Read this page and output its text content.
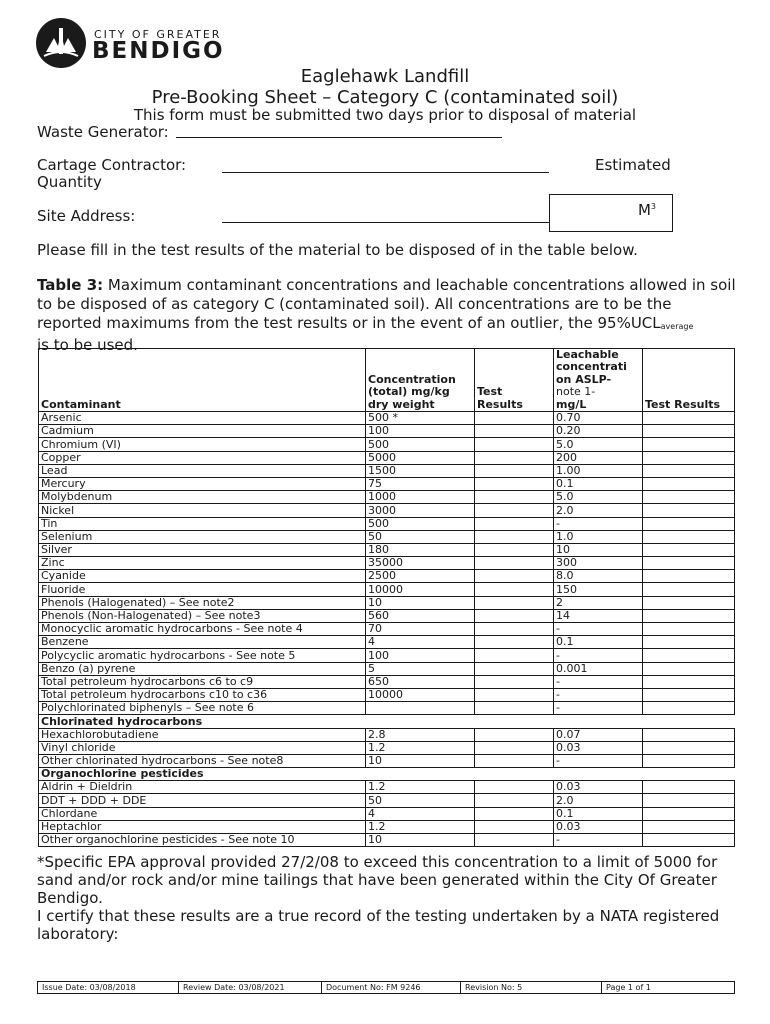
CITY OF GREATER
BENDIGO
Eaglehawk Landfill
Pre-Booking Sheet – Category C (contaminated soil)
This form must be submitted two days prior to disposal of material
Waste Generator:
Cartage Contractor:
Quantity
Estimated
Site Address:	$M^3$
Please fill in the test results of the material to be disposed of in the table below.
Table 3: Maximum contaminant concentrations and leachable concentrations allowed in soil to be disposed of as category C (contaminated soil). All concentrations are to be the reported maximums from the test results or in the event of an outlier, the $95\%UCL_{average}$
is to be used.
Contaminant	Concentration (total) mg/kg dry weight	Test Results	Leachable concentrati on ASLP-
note 1-
mg/L	Test Results
Arsenic	500 *		0.70	
Cadmium	100		0.20	
Chromium (VI)	500		5.0	
Copper	5000		200	
Lead	1500		1.00	
Mercury	75		0.1	
Molybdenum	1000		5.0	
Nickel	3000		2.0	
Tin	500		-	
Selenium	50		1.0	
Silver	180		10	
Zinc	35000		300	
Cyanide	2500		8.0	
Fluoride	10000		150	
Phenols (Halogenated) – See note2	10		2	
Phenols (Non-Halogenated) – See note3	560		14	
Monocyclic aromatic hydrocarbons - See note 4	70		-	
Benzene	4		0.1	
Polycyclic aromatic hydrocarbons - See note 5	100		-	
Benzo (a) pyrene	5		0.001	
Total petroleum hydrocarbons c6 to c9	650		-	
Total petroleum hydrocarbons c10 to c36	10000		-	
Polychlorinated biphenyls – See note 6			-	
Chlorinated hydrocarbons				
Hexachlorobutadiene	2.8		0.07	
Vinyl chloride	1.2		0.03	
Other chlorinated hydrocarbons - See note8	10		-	
Organochlorine pesticides				
Aldrin + Dieldrin	1.2		0.03	
DDT + DDD + DDE	50		2.0	
Chlordane	4		0.1	
Heptachlor	1.2		0.03	
Other organochlorine pesticides - See note 10	10		-	
*Specific EPA approval provided 27/2/08 to exceed this concentration to a limit of 5000 for sand and/or rock and/or mine tailings that have been generated within the City Of Greater Bendigo.
I certify that these results are a true record of the testing undertaken by a NATA registered laboratory:
Issue Date: 03/08/2018	Review Date: 03/08/2021	Document No: FM 9246	Revision No: 5	Page 1 of 1
